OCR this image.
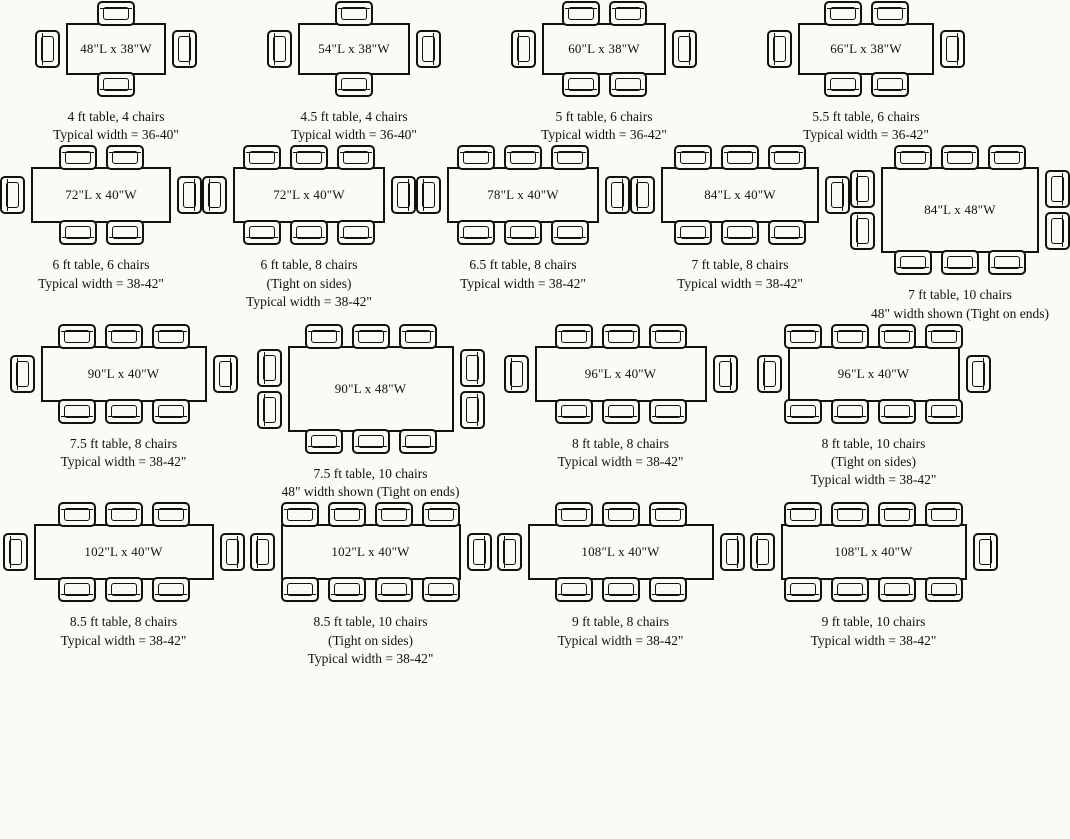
48"L x 38"W
4 ft table, 4 chairs
Typical width = 36-40"
54"L x 38"W
4.5 ft table, 4 chairs
Typical width = 36-40"
60"L x 38"W
5 ft table, 6 chairs
Typical width = 36-42"
66"L x 38"W
5.5 ft table, 6 chairs
Typical width = 36-42"
72"L x 40"W
6 ft table, 6 chairs
Typical width = 38-42"
72"L x 40"W
6 ft table, 8 chairs
(Tight on sides)
Typical width = 38-42"
78"L x 40"W
6.5 ft table, 8 chairs
Typical width = 38-42"
84"L x 40"W
7 ft table, 8 chairs
Typical width = 38-42"
84"L x 48"W
7 ft table, 10 chairs
48" width shown (Tight on ends)
90"L x 40"W
7.5 ft table, 8 chairs
Typical width = 38-42"
90"L x 48"W
7.5 ft table, 10 chairs
48" width shown (Tight on ends)
96"L x 40"W
8 ft table, 8 chairs
Typical width = 38-42"
96"L x 40"W
8 ft table, 10 chairs
(Tight on sides)
Typical width = 38-42"
102"L x 40"W
8.5 ft table, 8 chairs
Typical width = 38-42"
102"L x 40"W
8.5 ft table, 10 chairs
(Tight on sides)
Typical width = 38-42"
108"L x 40"W
9 ft table, 8 chairs
Typical width = 38-42"
108"L x 40"W
9 ft table, 10 chairs
Typical width = 38-42"
